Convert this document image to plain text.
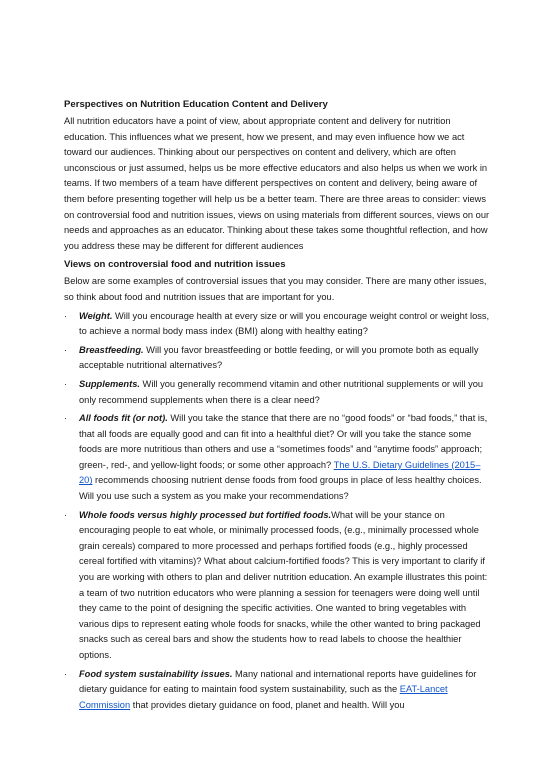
Perspectives on Nutrition Education Content and Delivery

All nutrition educators have a point of view, about appropriate content and delivery for nutrition education. This influences what we present, how we present, and may even influence how we act toward our audiences. Thinking about our perspectives on content and delivery, which are often unconscious or just assumed, helps us be more effective educators and also helps us when we work in teams. If two members of a team have different perspectives on content and delivery, being aware of them before presenting together will help us be a better team. There are three areas to consider: views on controversial food and nutrition issues, views on using materials from different sources, views on our needs and approaches as an educator. Thinking about these takes some thoughtful reflection, and how you address these may be different for different audiences

Views on controversial food and nutrition issues

Below are some examples of controversial issues that you may consider. There are many other issues, so think about food and nutrition issues that are important for you.

· Weight. Will you encourage health at every size or will you encourage weight control or weight loss, to achieve a normal body mass index (BMI) along with healthy eating?
· Breastfeeding. Will you favor breastfeeding or bottle feeding, or will you promote both as equally acceptable nutritional alternatives?
· Supplements. Will you generally recommend vitamin and other nutritional supplements or will you only recommend supplements when there is a clear need?
· All foods fit (or not). Will you take the stance that there are no “good foods” or “bad foods,” that is, that all foods are equally good and can fit into a healthful diet? Or will you take the stance some foods are more nutritious than others and use a “sometimes foods” and “anytime foods” approach; green-, red-, and yellow-light foods; or some other approach? The U.S. Dietary Guidelines (2015–20) recommends choosing nutrient dense foods from food groups in place of less healthy choices. Will you use such a system as you make your recommendations?
· Whole foods versus highly processed but fortified foods.What will be your stance on encouraging people to eat whole, or minimally processed foods, (e.g., minimally processed whole grain cereals) compared to more processed and perhaps fortified foods (e.g., highly processed cereal fortified with vitamins)? What about calcium-fortified foods? This is very important to clarify if you are working with others to plan and deliver nutrition education. An example illustrates this point: a team of two nutrition educators who were planning a session for teenagers were doing well until they came to the point of designing the specific activities. One wanted to bring vegetables with various dips to represent eating whole foods for snacks, while the other wanted to bring packaged snacks such as cereal bars and show the students how to read labels to choose the healthier options.
· Food system sustainability issues. Many national and international reports have guidelines for dietary guidance for eating to maintain food system sustainability, such as the EAT-Lancet Commission that provides dietary guidance on food, planet and health. Will you
